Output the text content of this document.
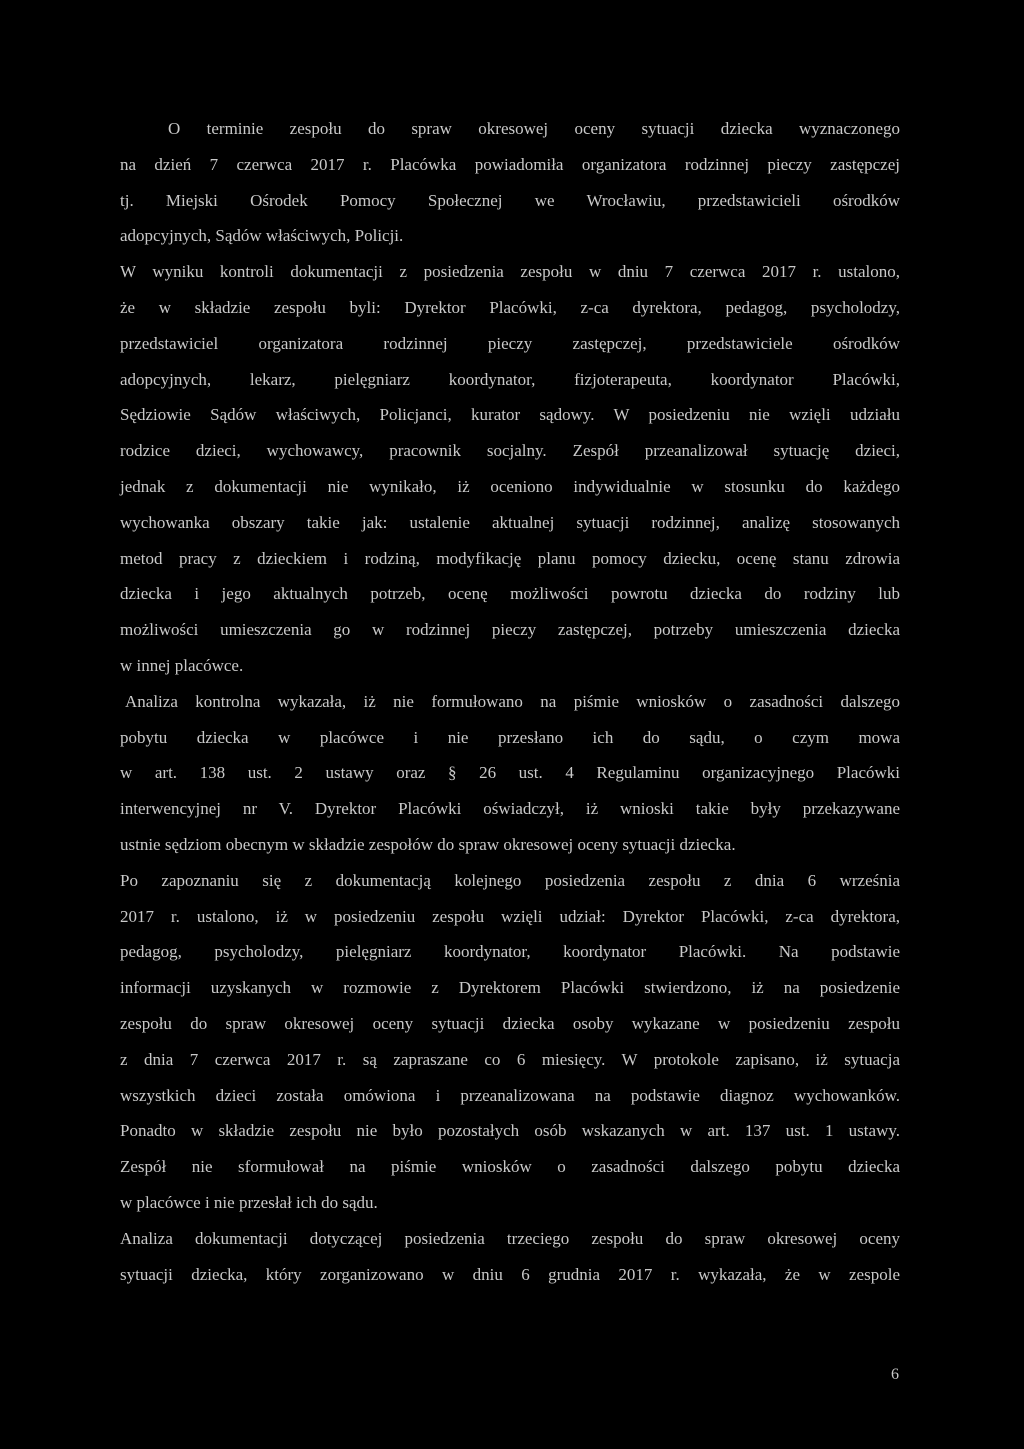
O terminie zespołu do spraw okresowej oceny sytuacji dziecka wyznaczonego
na dzień 7 czerwca 2017 r. Placówka powiadomiła organizatora rodzinnej pieczy zastępczej
tj. Miejski Ośrodek Pomocy Społecznej we Wrocławiu, przedstawicieli ośrodków
adopcyjnych, Sądów właściwych, Policji.
W wyniku kontroli dokumentacji z posiedzenia zespołu w dniu 7 czerwca 2017 r. ustalono,
że w składzie zespołu byli: Dyrektor Placówki, z-ca dyrektora, pedagog, psycholodzy,
przedstawiciel organizatora rodzinnej pieczy zastępczej, przedstawiciele ośrodków
adopcyjnych, lekarz, pielęgniarz koordynator, fizjoterapeuta, koordynator Placówki,
Sędziowie Sądów właściwych, Policjanci, kurator sądowy. W posiedzeniu nie wzięli udziału
rodzice dzieci, wychowawcy, pracownik socjalny. Zespół przeanalizował sytuację dzieci,
jednak z dokumentacji nie wynikało, iż oceniono indywidualnie w stosunku do każdego
wychowanka obszary takie jak: ustalenie aktualnej sytuacji rodzinnej, analizę stosowanych
metod pracy z dzieckiem i rodziną, modyfikację planu pomocy dziecku, ocenę stanu zdrowia
dziecka i jego aktualnych potrzeb, ocenę możliwości powrotu dziecka do rodziny lub
możliwości umieszczenia go w rodzinnej pieczy zastępczej, potrzeby umieszczenia dziecka
w innej placówce.
Analiza kontrolna wykazała, iż nie formułowano na piśmie wniosków o zasadności dalszego
pobytu dziecka w placówce i nie przesłano ich do sądu, o czym mowa
w art. 138 ust. 2 ustawy oraz § 26 ust. 4 Regulaminu organizacyjnego Placówki
interwencyjnej nr V. Dyrektor Placówki oświadczył, iż wnioski takie były przekazywane
ustnie sędziom obecnym w składzie zespołów do spraw okresowej oceny sytuacji dziecka.
Po zapoznaniu się z dokumentacją kolejnego posiedzenia zespołu z dnia 6 września
2017 r. ustalono, iż w posiedzeniu zespołu wzięli udział: Dyrektor Placówki, z-ca dyrektora,
pedagog, psycholodzy, pielęgniarz koordynator, koordynator Placówki. Na podstawie
informacji uzyskanych w rozmowie z Dyrektorem Placówki stwierdzono, iż na posiedzenie
zespołu do spraw okresowej oceny sytuacji dziecka osoby wykazane w posiedzeniu zespołu
z dnia 7 czerwca 2017 r. są zapraszane co 6 miesięcy. W protokole zapisano, iż sytuacja
wszystkich dzieci została omówiona i przeanalizowana na podstawie diagnoz wychowanków.
Ponadto w składzie zespołu nie było pozostałych osób wskazanych w art. 137 ust. 1 ustawy.
Zespół nie sformułował na piśmie wniosków o zasadności dalszego pobytu dziecka
w placówce i nie przesłał ich do sądu.
Analiza dokumentacji dotyczącej posiedzenia trzeciego zespołu do spraw okresowej oceny
sytuacji dziecka, który zorganizowano w dniu 6 grudnia 2017 r. wykazała, że w zespole
6
